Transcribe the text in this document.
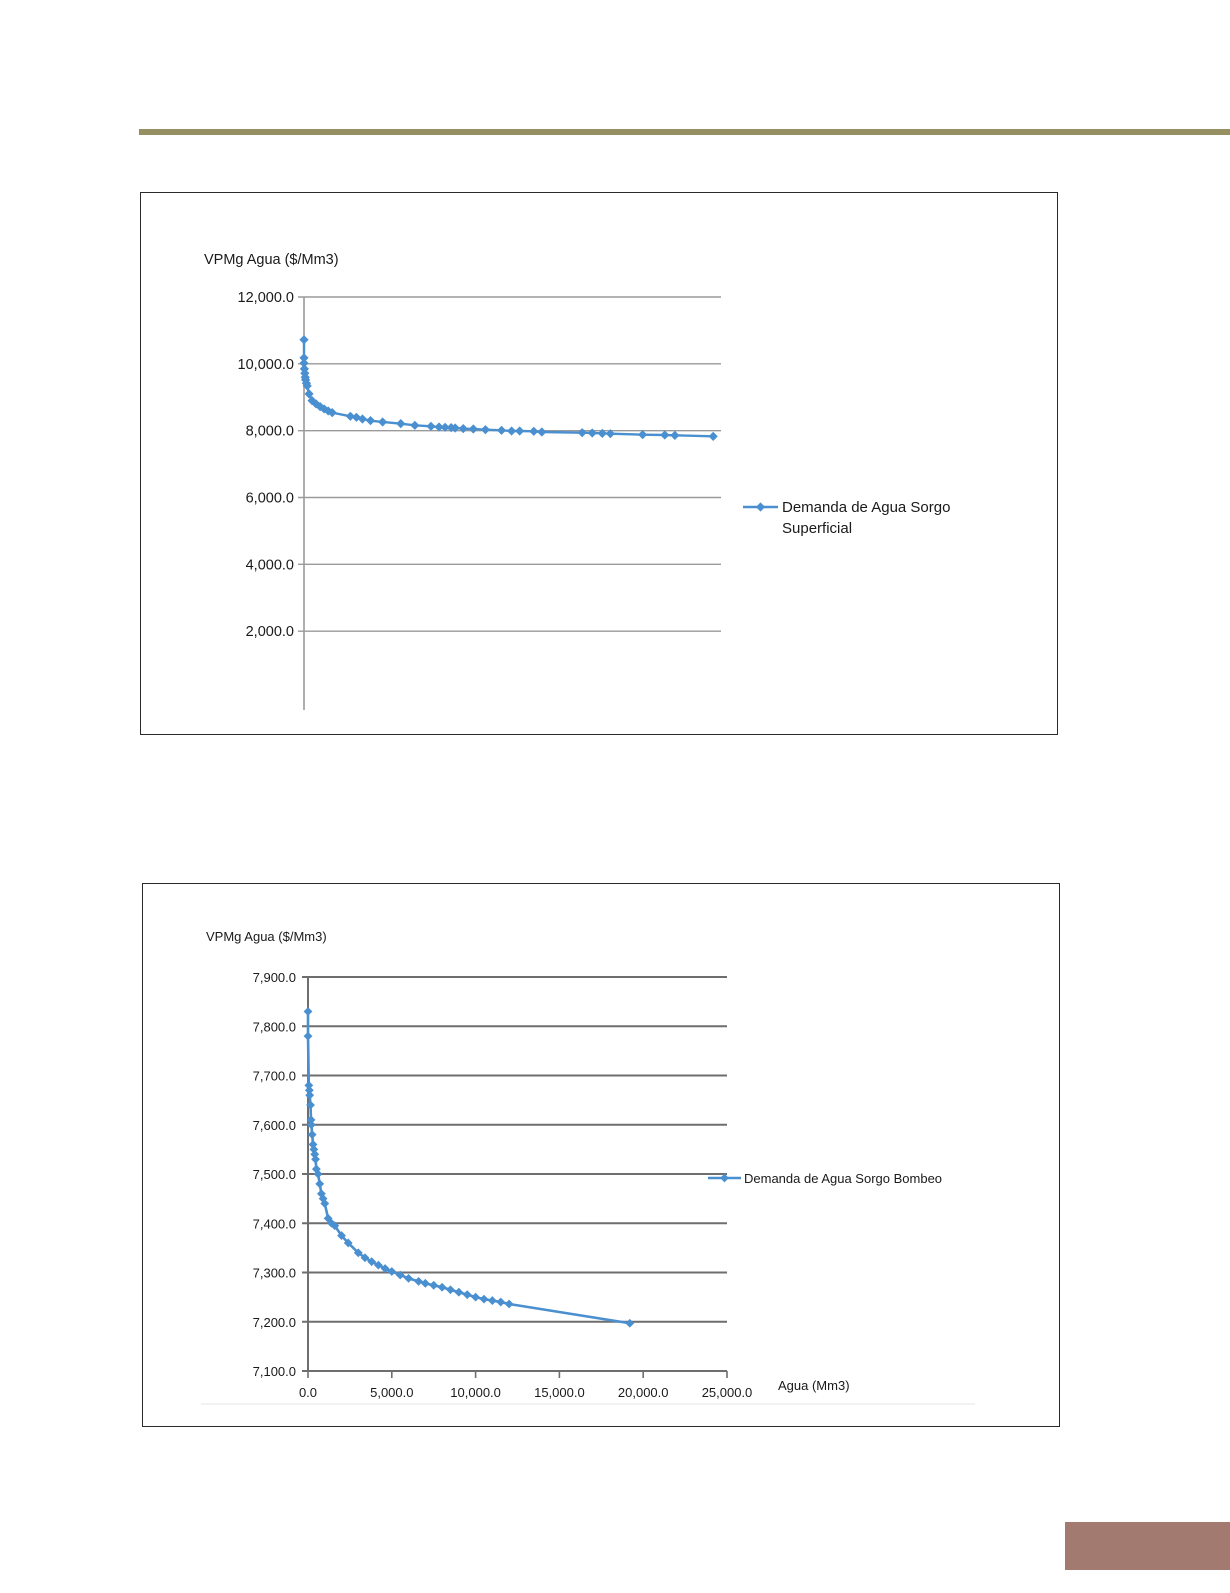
2,000.0
4,000.0
6,000.0
8,000.0
10,000.0
12,000.0
VPMg Agua ($/Mm3)
Demanda de Agua Sorgo Superficial
7,100.0
7,200.0
7,300.0
7,400.0
7,500.0
7,600.0
7,700.0
7,800.0
7,900.0
0.0	5,000.0	10,000.0	15,000.0	20,000.0	25,000.0
VPMg Agua ($/Mm3)
Agua (Mm3)
Demanda de Agua Sorgo Bombeo
